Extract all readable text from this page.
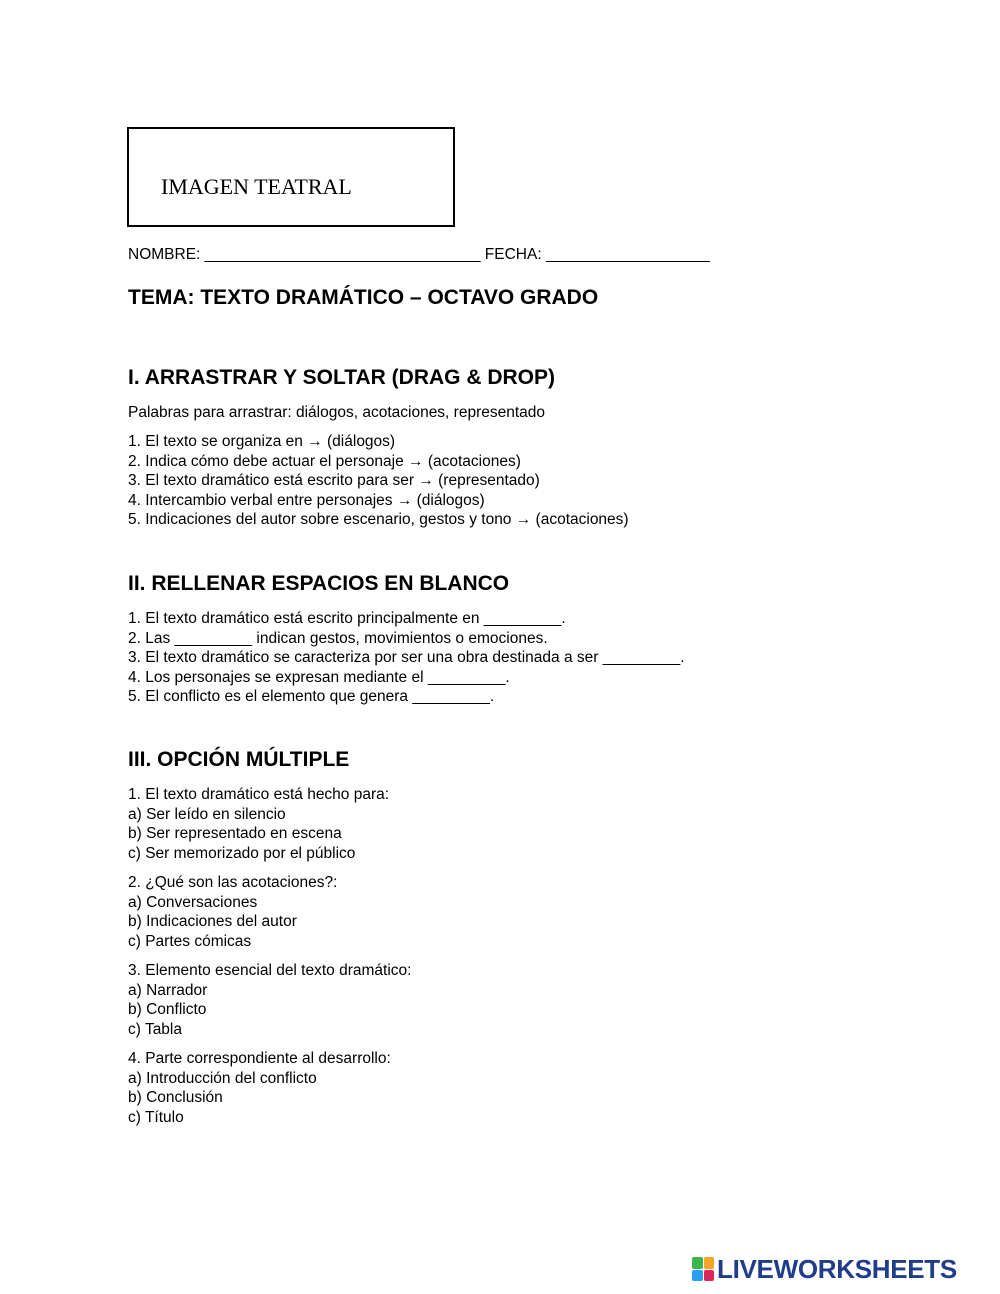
IMAGEN TEATRAL
NOMBRE: ________________________________ FECHA: ___________________
TEMA: TEXTO DRAMÁTICO – OCTAVO GRADO
I. ARRASTRAR Y SOLTAR (DRAG & DROP)
Palabras para arrastrar: diálogos, acotaciones, representado
1. El texto se organiza en → (diálogos)
2. Indica cómo debe actuar el personaje → (acotaciones)
3. El texto dramático está escrito para ser → (representado)
4. Intercambio verbal entre personajes → (diálogos)
5. Indicaciones del autor sobre escenario, gestos y tono → (acotaciones)
II. RELLENAR ESPACIOS EN BLANCO
1. El texto dramático está escrito principalmente en _________.
2. Las _________ indican gestos, movimientos o emociones.
3. El texto dramático se caracteriza por ser una obra destinada a ser _________.
4. Los personajes se expresan mediante el _________.
5. El conflicto es el elemento que genera _________.
III. OPCIÓN MÚLTIPLE
1. El texto dramático está hecho para:
a) Ser leído en silencio
b) Ser representado en escena
c) Ser memorizado por el público
2. ¿Qué son las acotaciones?:
a) Conversaciones
b) Indicaciones del autor
c) Partes cómicas
3. Elemento esencial del texto dramático:
a) Narrador
b) Conflicto
c) Tabla
4. Parte correspondiente al desarrollo:
a) Introducción del conflicto
b) Conclusión
c) Título
LIVEWORKSHEETS
